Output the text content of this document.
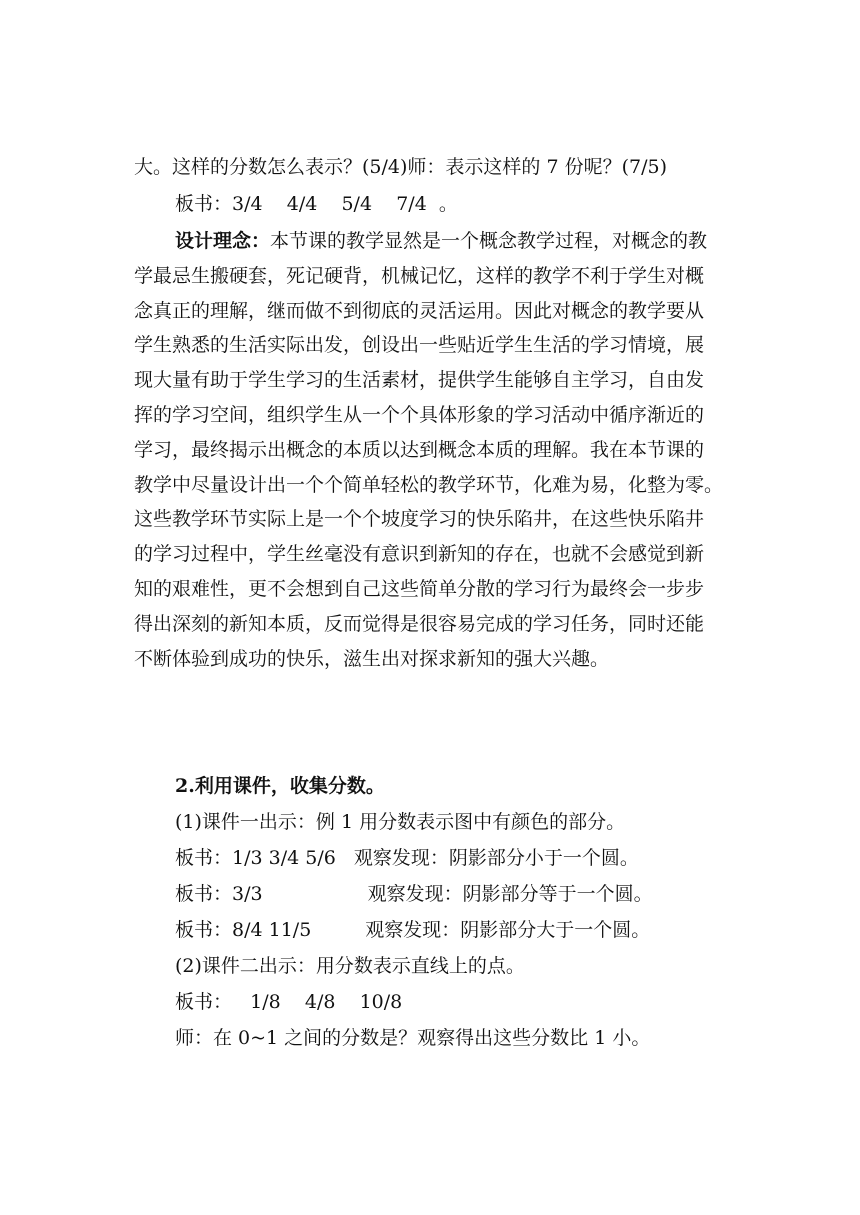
大。这样的分数怎么表示？(5/4)师：表示这样的 7 份呢？(7/5)
板书：3/4    4/4    5/4    7/4  。
设计理念：本节课的教学显然是一个概念教学过程，对概念的教
学最忌生搬硬套，死记硬背，机械记忆，这样的教学不利于学生对概
念真正的理解，继而做不到彻底的灵活运用。因此对概念的教学要从
学生熟悉的生活实际出发，创设出一些贴近学生生活的学习情境，展
现大量有助于学生学习的生活素材，提供学生能够自主学习，自由发
挥的学习空间，组织学生从一个个具体形象的学习活动中循序渐近的
学习，最终揭示出概念的本质以达到概念本质的理解。我在本节课的
教学中尽量设计出一个个简单轻松的教学环节，化难为易，化整为零。
这些教学环节实际上是一个个坡度学习的快乐陷井，在这些快乐陷井
的学习过程中，学生丝毫没有意识到新知的存在，也就不会感觉到新
知的艰难性，更不会想到自己这些简单分散的学习行为最终会一步步
得出深刻的新知本质，反而觉得是很容易完成的学习任务，同时还能
不断体验到成功的快乐，滋生出对探求新知的强大兴趣。
2.利用课件，收集分数。
(1)课件一出示：例 1 用分数表示图中有颜色的部分。
板书：1/3 3/4 5/6 观察发现：阴影部分小于一个圆。
板书：3/3	观察发现：阴影部分等于一个圆。
板书：8/4 11/5	观察发现：阴影部分大于一个圆。
(2)课件二出示：用分数表示直线上的点。
板书：   1/8    4/8    10/8
师：在 0~1 之间的分数是？观察得出这些分数比 1 小。
